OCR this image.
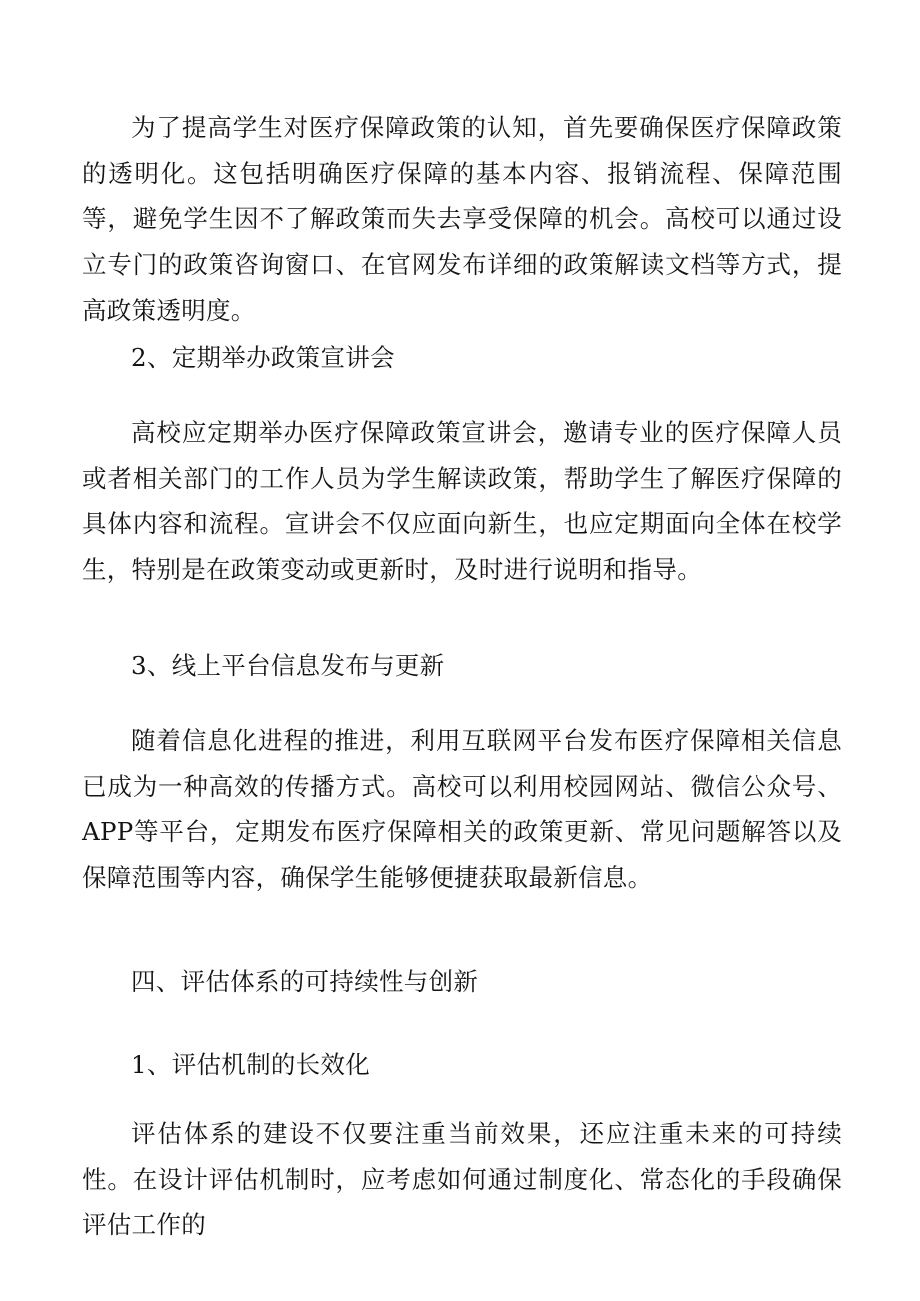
为了提高学生对医疗保障政策的认知，首先要确保医疗保障政策的透明化。这包括明确医疗保障的基本内容、报销流程、保障范围等，避免学生因不了解政策而失去享受保障的机会。高校可以通过设立专门的政策咨询窗口、在官网发布详细的政策解读文档等方式，提高政策透明度。

2、定期举办政策宣讲会

高校应定期举办医疗保障政策宣讲会，邀请专业的医疗保障人员或者相关部门的工作人员为学生解读政策，帮助学生了解医疗保障的具体内容和流程。宣讲会不仅应面向新生，也应定期面向全体在校学生，特别是在政策变动或更新时，及时进行说明和指导。

3、线上平台信息发布与更新

随着信息化进程的推进，利用互联网平台发布医疗保障相关信息已成为一种高效的传播方式。高校可以利用校园网站、微信公众号、APP等平台，定期发布医疗保障相关的政策更新、常见问题解答以及保障范围等内容，确保学生能够便捷获取最新信息。

四、评估体系的可持续性与创新

1、评估机制的长效化

评估体系的建设不仅要注重当前效果，还应注重未来的可持续性。在设计评估机制时，应考虑如何通过制度化、常态化的手段确保评估工作的
